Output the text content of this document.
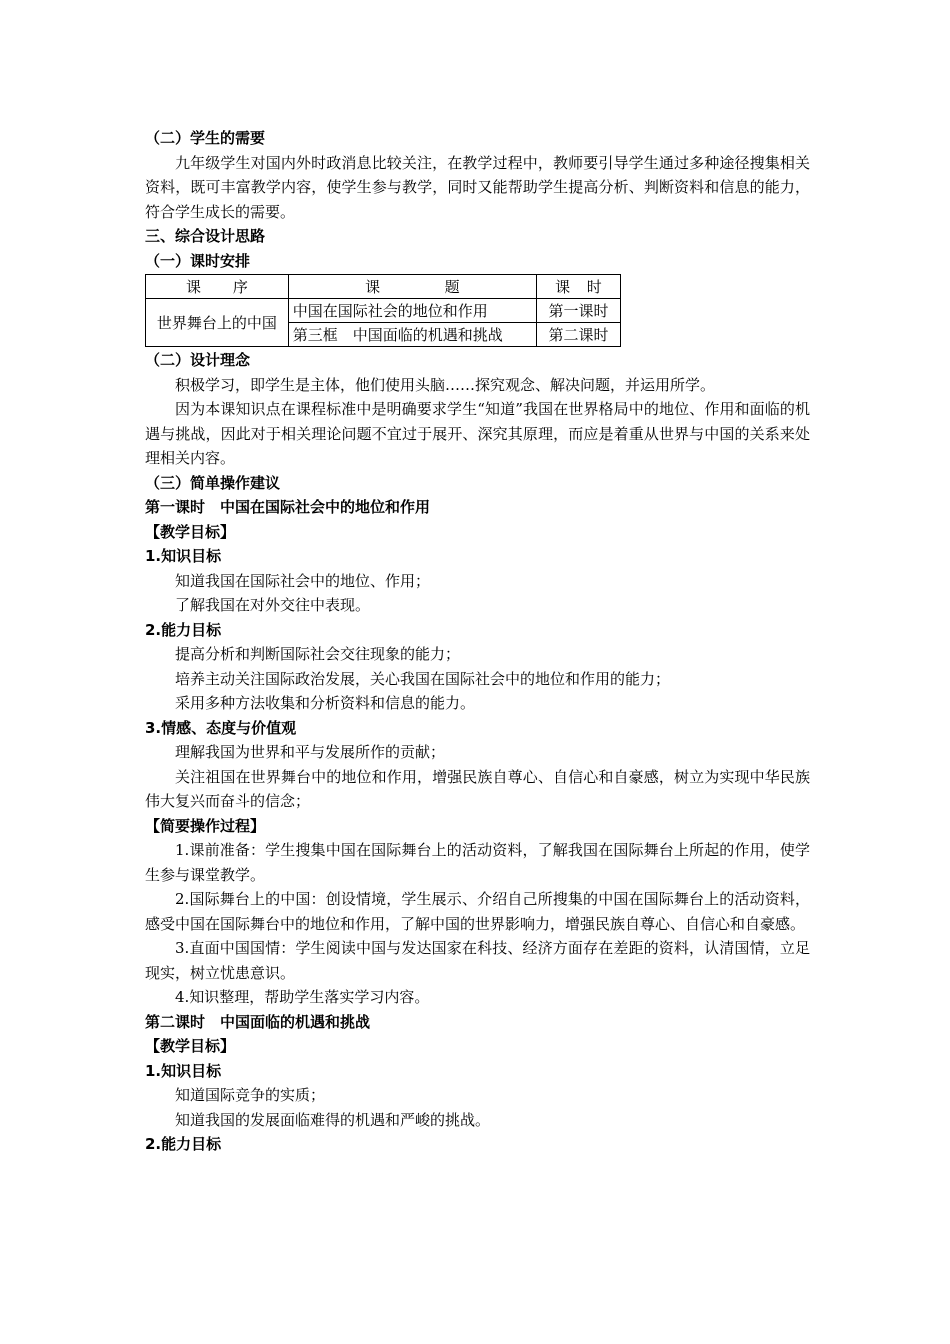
（二）学生的需要

九年级学生对国内外时政消息比较关注，在教学过程中，教师要引导学生通过多种途径搜集相关资料，既可丰富教学内容，使学生参与教学，同时又能帮助学生提高分析、判断资料和信息的能力，符合学生成长的需要。

三、综合设计思路
（一）课时安排
课 序	课 题	课 时

世界舞台上的中国	中国在国际社会的地位和作用	第一课时
	第三框　中国面临的机遇和挑战	第二课时
（二）设计理念

积极学习，即学生是主体，他们使用头脑……探究观念、解决问题，并运用所学。

因为本课知识点在课程标准中是明确要求学生“知道”我国在世界格局中的地位、作用和面临的机遇与挑战，因此对于相关理论问题不宜过于展开、深究其原理，而应是着重从世界与中国的关系来处理相关内容。

（三）简单操作建议
第一课时　中国在国际社会中的地位和作用
【教学目标】
1.知识目标
知道我国在国际社会中的地位、作用；
了解我国在对外交往中表现。
2.能力目标
提高分析和判断国际社会交往现象的能力；
培养主动关注国际政治发展，关心我国在国际社会中的地位和作用的能力；
采用多种方法收集和分析资料和信息的能力。
3.情感、态度与价值观
理解我国为世界和平与发展所作的贡献；

关注祖国在世界舞台中的地位和作用，增强民族自尊心、自信心和自豪感，树立为实现中华民族伟大复兴而奋斗的信念；

【简要操作过程】

1.课前准备：学生搜集中国在国际舞台上的活动资料，了解我国在国际舞台上所起的作用，使学生参与课堂教学。

2.国际舞台上的中国：创设情境，学生展示、介绍自己所搜集的中国在国际舞台上的活动资料，感受中国在国际舞台中的地位和作用，了解中国的世界影响力，增强民族自尊心、自信心和自豪感。

3.直面中国国情：学生阅读中国与发达国家在科技、经济方面存在差距的资料，认清国情，立足现实，树立忧患意识。

4.知识整理，帮助学生落实学习内容。

第二课时　中国面临的机遇和挑战
【教学目标】
1.知识目标
知道国际竞争的实质；
知道我国的发展面临难得的机遇和严峻的挑战。
2.能力目标
